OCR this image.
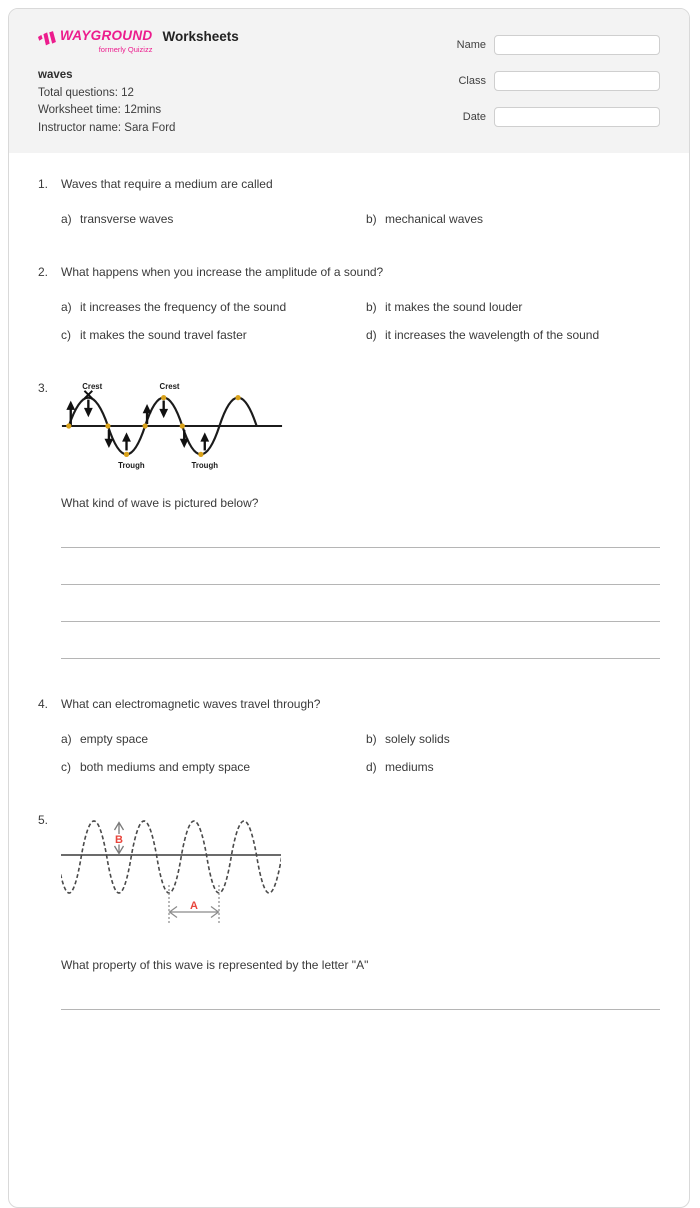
WAYGROUND
formerly Quizizz
Worksheets
waves
Total questions: 12
Worksheet time: 12mins
Instructor name: Sara Ford
Name
Class
Date
1.	Waves that require a medium are called
a) transverse waves	b) mechanical waves
2.	What happens when you increase the amplitude of a sound?
a) it increases the frequency of the sound	b) it makes the sound louder
c) it makes the sound travel faster	d) it increases the wavelength of the sound
3.	Crest	Crest
Trough	Trough
What kind of wave is pictured below?
4.	What can electromagnetic waves travel through?
a) empty space	b) solely solids
c) both mediums and empty space	d) mediums
5.
B
A
What property of this wave is represented by the letter "A"
